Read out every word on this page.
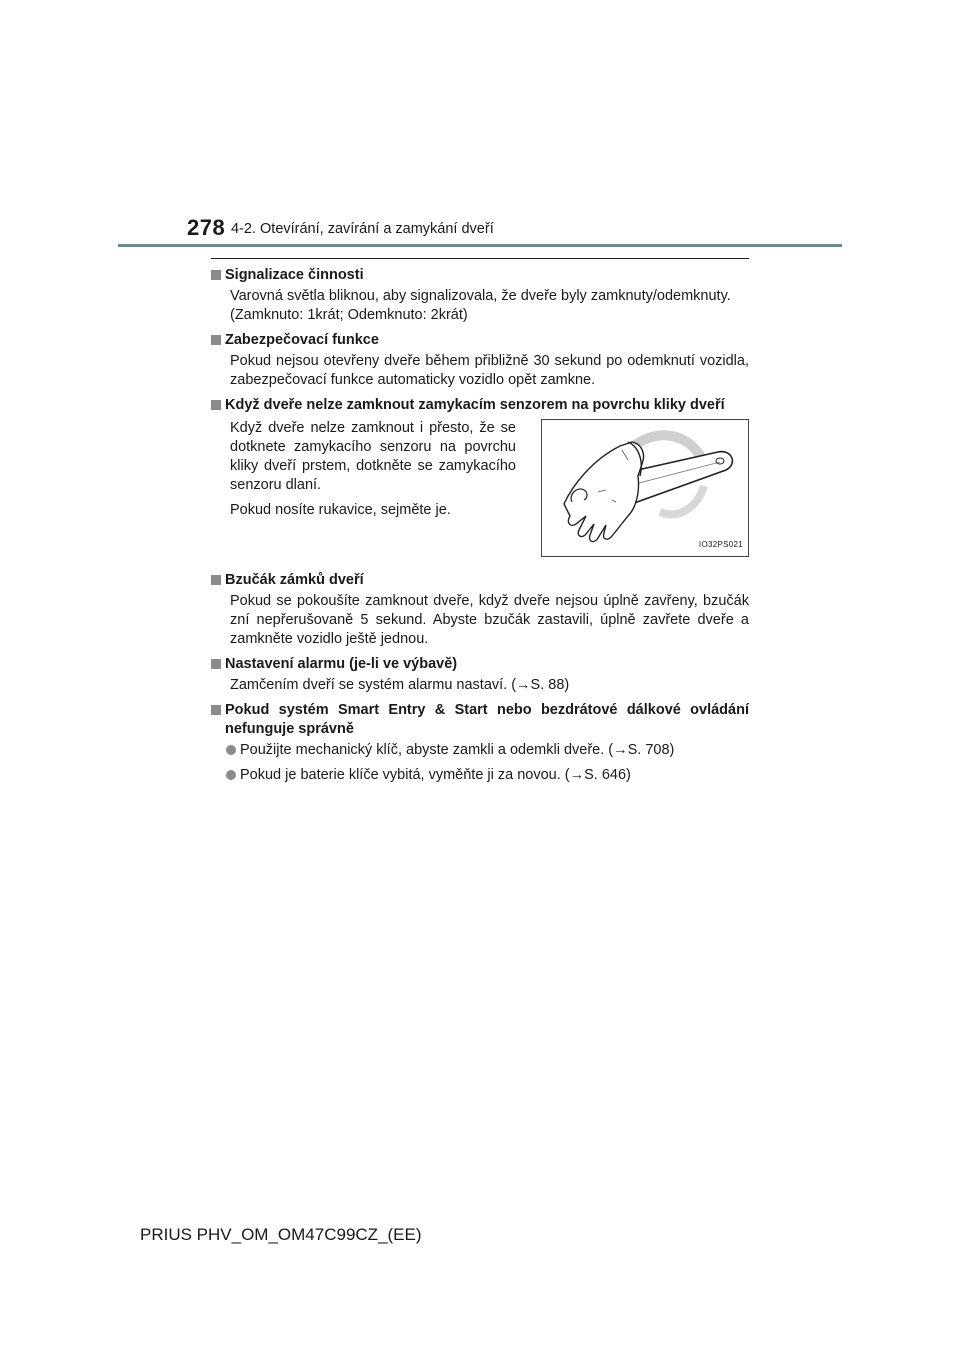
278 4-2. Otevírání, zavírání a zamykání dveří
Signalizace činnosti

Varovná světla bliknou, aby signalizovala, že dveře byly zamknuty/odemknuty.

(Zamknuto: 1krát; Odemknuto: 2krát)

Zabezpečovací funkce

Pokud nejsou otevřeny dveře během přibližně 30 sekund po odemknutí vozidla, zabezpečovací funkce automaticky vozidlo opět zamkne.

Když dveře nelze zamknout zamykacím senzorem na povrchu kliky dveří

Když dveře nelze zamknout i přesto, že se dotknete zamykacího senzoru na povrchu kliky dveří prstem, dotkněte se zamykacího senzoru dlaní.

Pokud nosíte rukavice, sejměte je.

IO32PS021
Bzučák zámků dveří

Pokud se pokoušíte zamknout dveře, když dveře nejsou úplně zavřeny, bzučák zní nepřerušovaně 5 sekund. Abyste bzučák zastavili, úplně zavřete dveře a zamkněte vozidlo ještě jednou.

Nastavení alarmu (je-li ve výbavě)

Zamčením dveří se systém alarmu nastaví. (→S. 88)

Pokud systém Smart Entry & Start nebo bezdrátové dálkové ovládání nefunguje správně
Použijte mechanický klíč, abyste zamkli a odemkli dveře. (→S. 708)
Pokud je baterie klíče vybitá, vyměňte ji za novou. (→S. 646)
PRIUS PHV_OM_OM47C99CZ_(EE)
